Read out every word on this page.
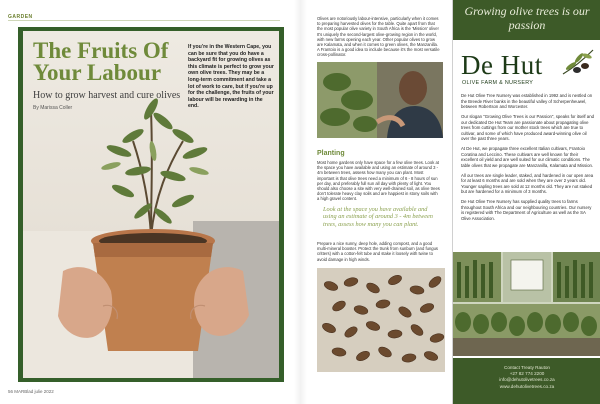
GARDEN
The Fruits Of Your Labour
How to grow harvest and cure olives
By Marissa Coller
If you're in the Western Cape, you can be sure that you do have a backyard fit for growing olives as this climate is perfect to grow your own olive trees. They may be a long-term commitment and take a lot of work to care, but if you're up for the challenge, the fruits of your labour will be rewarding in the end.
56 MARBlad julie 2022
Olives are notoriously labour-intensive, particularly when it comes to preparing harvested olives for the table. Quite apart from that the most popular olive variety in South Africa is the 'Mission' olive! It's uniquely the second-largest olive-growing region in the world, with new farms opening each year. Other popular olives to grow are Kalamata, and when it comes to green olives, the Manzanilla. A Frantoio is a good idea to include because it's the most versatile cross-pollinator.
Planting
Most home gardens only have space for a few olive trees. Look at the space you have available and using an estimate of around 3 - 4m between trees, assess how many you can plant. Most important is that olive trees need a minimum of 6 - 8 hours of sun per day, and preferably full sun all day with plenty of light. You should also choose a site with very well-drained soil, as olive trees don't tolerate heavy clay soils and are happiest in stony soils with a high gravel content.
Look at the space you have available and using an estimate of around 3 - 4m between trees, assess how many you can plant.
Prepare a nice sunny, deep hole, adding compost, and a good multi-mineral booster. Protect the trunk from sunburn (and fungus critters) with a cotton-felt tube and stake it loosely with twine to avoid damage in high winds.
Growing olive trees is our passion
De Hut
OLIVE FARM & NURSERY

De Hut Olive Tree Nursery was established in 1992 and is nestled on the Breede River banks in the beautiful valley of Scherpenheuwel, between Robertson and Worcester.

Our slogan "Growing Olive Trees is our Passion", speaks for itself and our dedicated De Hut Team are passionate about propagating olive trees from cuttings from our mother stock trees which are true to cultivar, and some of which have produced award-winning olive oil over the past three years.

At De Hut, we propagate three excellent Italian cultivars, Frantoio Coratina and Leccino. These cultivars are well known for their excellent oil yield and are well suited for our climatic conditions. The table olives that we propagate are Manzanilla, Kalamata and Mission.

All our trees are single leader, staked, and hardened in our open area for at least 6 months and are sold when they are over 2 years old. Younger sapling trees are sold at 12 months old. They are not staked but are hardened for a minimum of 3 months.

De Hut Olive Tree Nursery has supplied quality trees to farms throughout South Africa and our neighbouring countries. Our nursery is registered with The Department of Agriculture as well as the SA Olive Association.

Contact Treaty Rauton
+27 82 774 2200
info@dehutolivetrees.co.za
www.dehutolivetrees.co.za
